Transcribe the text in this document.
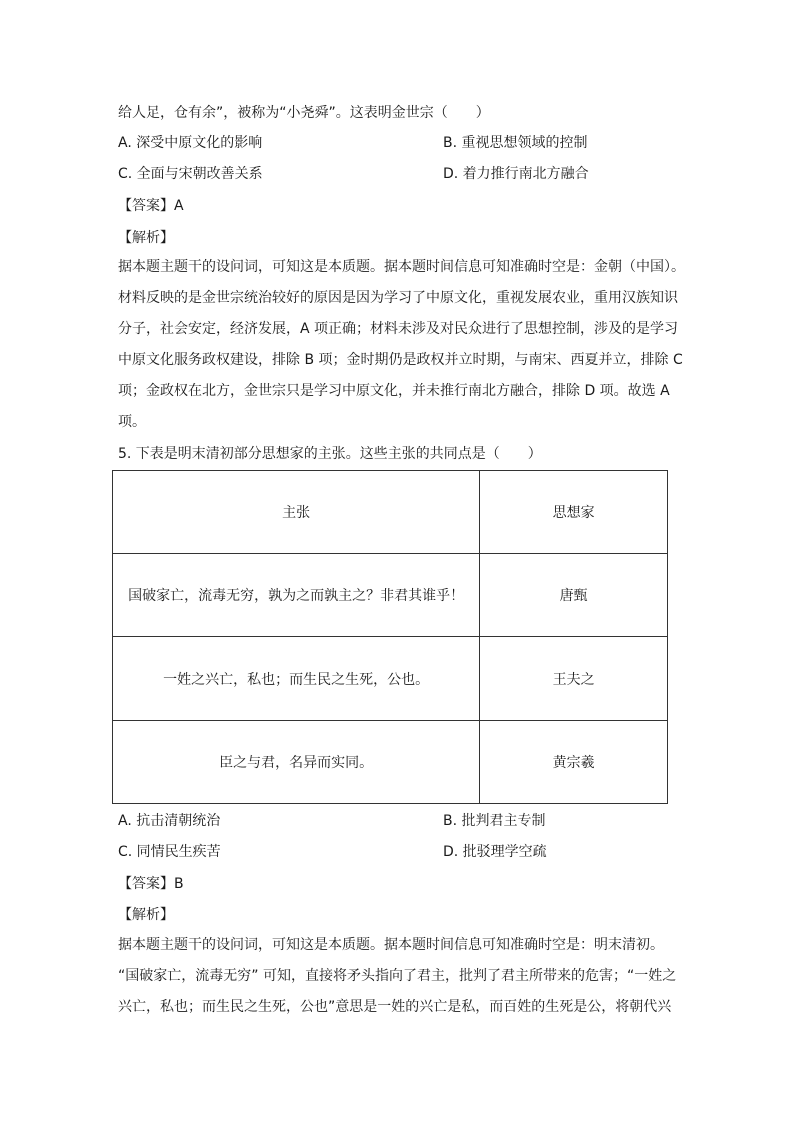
给人足，仓有余”，被称为“小尧舜”。这表明金世宗（　　）
A. 深受中原文化的影响	B. 重视思想领域的控制
C. 全面与宋朝改善关系	D. 着力推行南北方融合
【答案】A
【解析】
据本题主题干的设问词，可知这是本质题。据本题时间信息可知准确时空是：金朝（中国）。
材料反映的是金世宗统治较好的原因是因为学习了中原文化，重视发展农业，重用汉族知识
分子，社会安定，经济发展，A 项正确；材料未涉及对民众进行了思想控制，涉及的是学习
中原文化服务政权建设，排除 B 项；金时期仍是政权并立时期，与南宋、西夏并立，排除 C
项；金政权在北方，金世宗只是学习中原文化，并未推行南北方融合，排除 D 项。故选 A
项。
5. 下表是明末清初部分思想家的主张。这些主张的共同点是（　　）
主张	思想家
国破家亡，流毒无穷，孰为之而孰主之？非君其谁乎！	唐甄
一姓之兴亡，私也；而生民之生死，公也。	王夫之
臣之与君，名异而实同。	黄宗羲
A. 抗击清朝统治	B. 批判君主专制
C. 同情民生疾苦	D. 批驳理学空疏
【答案】B
【解析】
据本题主题干的设问词，可知这是本质题。据本题时间信息可知准确时空是：明末清初。
“国破家亡，流毒无穷” 可知，直接将矛头指向了君主，批判了君主所带来的危害；“一姓之
兴亡，私也；而生民之生死，公也”意思是一姓的兴亡是私，而百姓的生死是公，将朝代兴
